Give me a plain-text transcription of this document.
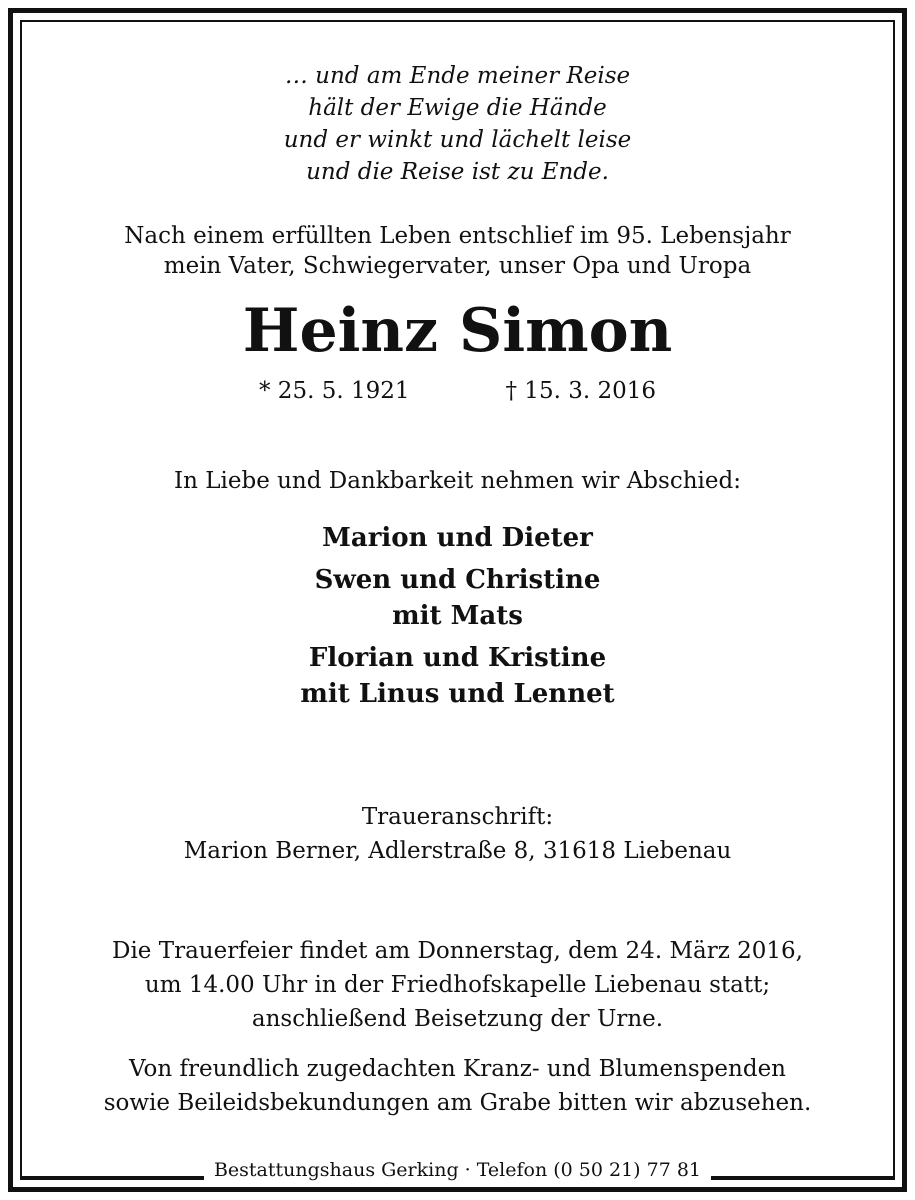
… und am Ende meiner Reise
hält der Ewige die Hände
und er winkt und lächelt leise
und die Reise ist zu Ende.
Nach einem erfüllten Leben entschlief im 95. Lebensjahr
mein Vater, Schwiegervater, unser Opa und Uropa
Heinz Simon
* 25. 5. 1921	† 15. 3. 2016
In Liebe und Dankbarkeit nehmen wir Abschied:
Marion und Dieter
Swen und Christine
mit Mats
Florian und Kristine
mit Linus und Lennet
Traueranschrift:
Marion Berner, Adlerstraße 8, 31618 Liebenau
Die Trauerfeier findet am Donnerstag, dem 24. März 2016,
um 14.00 Uhr in der Friedhofskapelle Liebenau statt;
anschließend Beisetzung der Urne.
Von freundlich zugedachten Kranz- und Blumenspenden
sowie Beileidsbekundungen am Grabe bitten wir abzusehen.
Bestattungshaus Gerking · Telefon (0 50 21) 77 81
